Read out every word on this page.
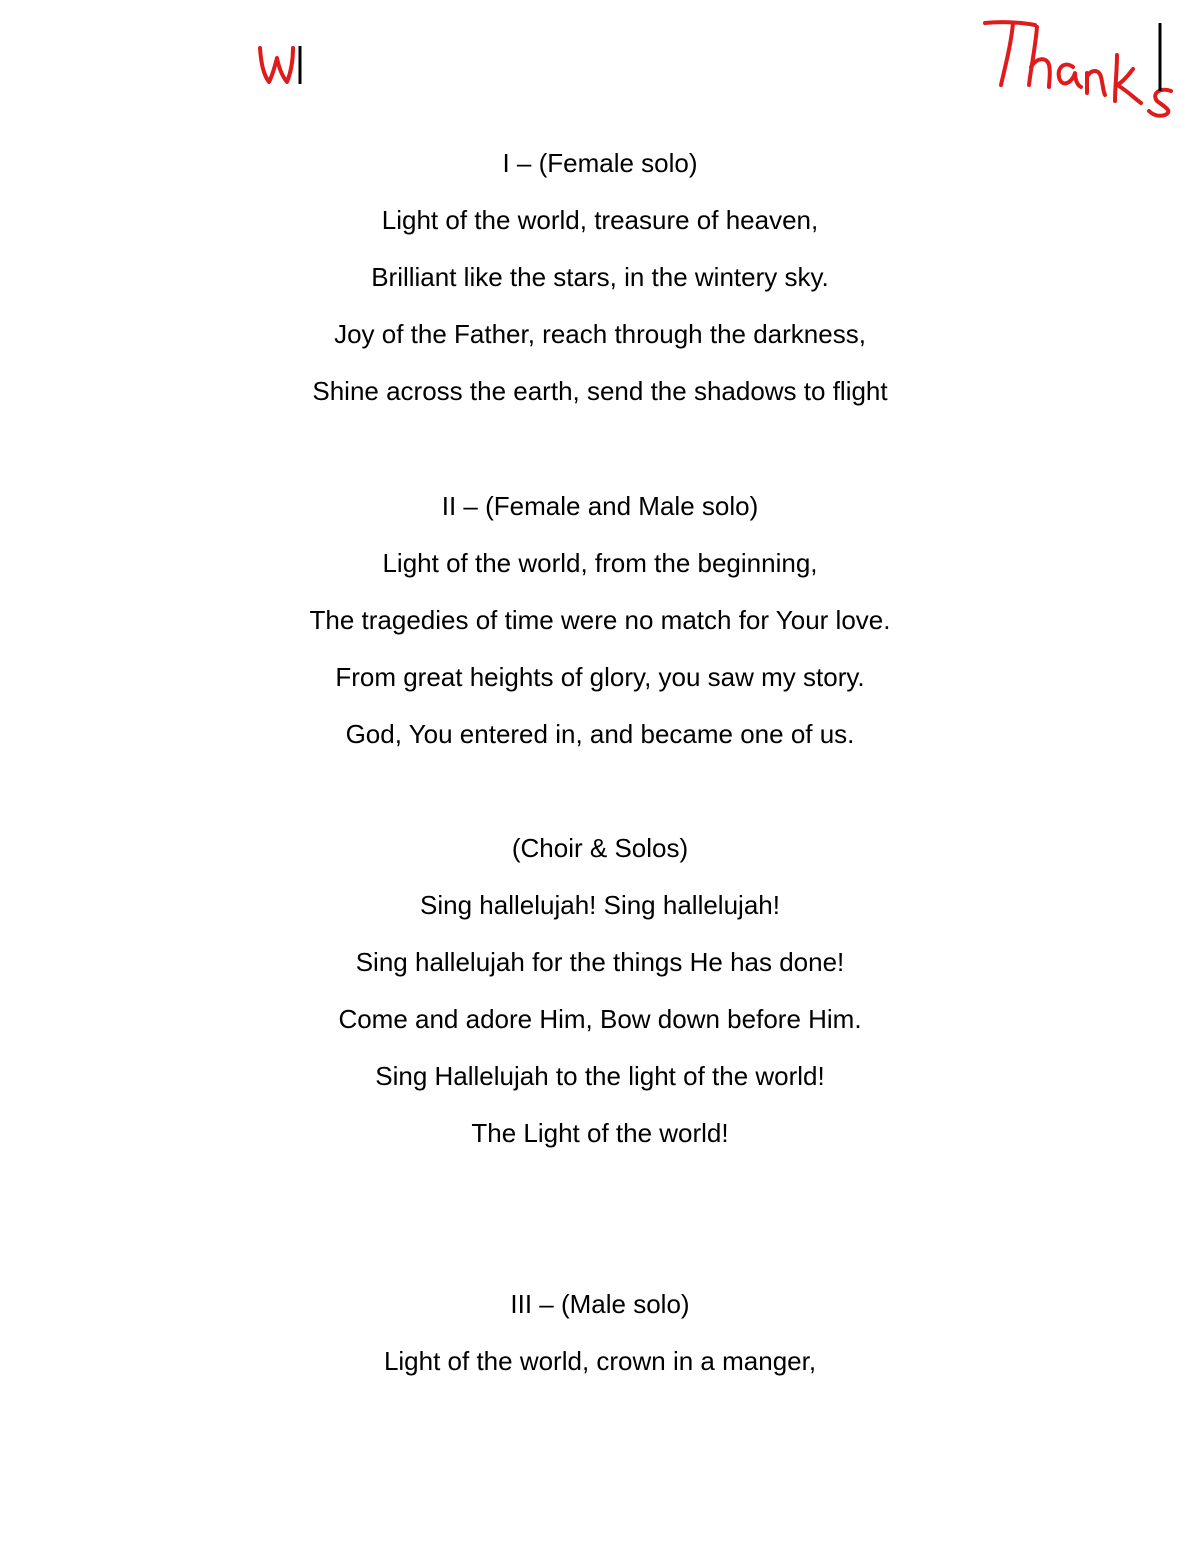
I – (Female solo)
Light of the world, treasure of heaven,
Brilliant like the stars, in the wintery sky.
Joy of the Father, reach through the darkness,
Shine across the earth, send the shadows to flight
II – (Female and Male solo)
Light of the world, from the beginning,
The tragedies of time were no match for Your love.
From great heights of glory, you saw my story.
God, You entered in, and became one of us.
(Choir & Solos)
Sing hallelujah! Sing hallelujah!
Sing hallelujah for the things He has done!
Come and adore Him, Bow down before Him.
Sing Hallelujah to the light of the world!
The Light of the world!
III – (Male solo)
Light of the world, crown in a manger,
